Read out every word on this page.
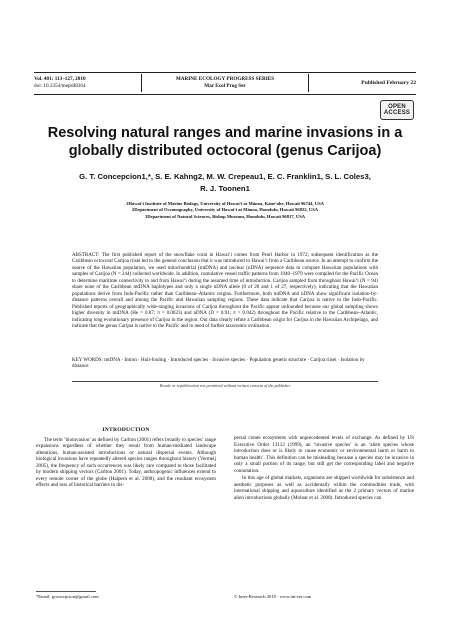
Vol. 401: 113–127, 2010
doi: 10.3354/meps08364
MARINE ECOLOGY PROGRESS SERIES
Mar Ecol Prog Ser	Published February 22
OPEN
ACCESS
Resolving natural ranges and marine invasions in a
globally distributed octocoral (genus Carijoa)
G. T. Concepcion1,*, S. E. Kahng2, M. W. Crepeau1, E. C. Franklin1, S. L. Coles3,
R. J. Toonen1
1Hawai‘i Institute of Marine Biology, University of Hawai‘i at Mānoa, Kāne‘ohe, Hawaii 96744, USA
2Department of Oceanography, University of Hawai‘i at Mānoa, Honolulu, Hawaii 96822, USA
3Department of Natural Sciences, Bishop Museum, Honolulu, Hawaii 96817, USA
ABSTRACT: The first published report of the snowflake coral in Hawai‘i comes from Pearl Harbor in 1972; subsequent identification as the Caribbean octocoral Carijoa riisei led to the general conclusion that it was introduced to Hawai‘i from a Caribbean source. In an attempt to confirm the source of the Hawaiian population, we used mitochondrial (mtDNA) and nuclear (nDNA) sequence data to compare Hawaiian populations with samples of Carijoa (N = 244) collected worldwide. In addition, cumulative vessel traffic patterns from 1940–1979 were compiled for the Pacific Ocean to determine maritime connectivity to and from Hawai‘i during the assumed time of introduction. Carijoa sampled from throughout Hawai‘i (N = 94) share none of the Caribbean mtDNA haplotypes and only a single nDNA allele (0 of 28 and 1 of 27, respectively), indicating that the Hawaiian populations derive from Indo-Pacific rather than Caribbean–Atlantic origins. Furthermore, both mtDNA and nDNA show significant isolation-by-distance patterns overall and among the Pacific and Hawaiian sampling regions. These data indicate that Carijoa is native to the Indo-Pacific. Published reports of geographically wide-ranging invasions of Carijoa throughout the Pacific appear unfounded because our global sampling shows higher diversity in mtDNA (He = 0.87; π = 0.0023) and nDNA (D = 0.91; π = 0.042) throughout the Pacific relative to the Caribbean–Atlantic, indicating long evolutionary presence of Carijoa in the region. Our data clearly refute a Caribbean origin for Carijoa in the Hawaiian Archipelago, and indicate that the genus Carijoa is native to the Pacific and in need of further taxonomic evaluation.
KEY WORDS: mtDNA · Intron · Hull-fouling · Introduced species · Invasive species · Population genetic structure · Carijoa riisei · Isolation by distance
Resale or republication not permitted without written consent of the publisher
INTRODUCTION

The term ‘bioinvasion’ as defined by Carlton (2001) refers broadly to species’ range expansions regardless of whether they result from human-mediated landscape alterations, human-assisted introductions or natural dispersal events. Although biological invasions have repeatedly altered species ranges throughout history (Vermeij 2005), the frequency of such occurrences was likely rare compared to those facilitated by modern shipping vectors (Carlton 2001). Today, anthropogenic influences extend to every remote corner of the globe (Halpern et al. 2008), and the resultant ecosystem effects and loss of historical barriers to dis-

persal create ecosystems with unprecedented levels of exchange. As defined by US Executive Order 13112 (1999), an ‘invasive species’ is an ‘alien species whose introduction does or is likely to cause economic or environmental harm or harm to human health’. This definition can be misleading because a species may be invasive in only a small portion of its range, but still get the corresponding label and negative connotation.

In this age of global markets, organisms are shipped worldwide for subsistence and aesthetic purposes as well as accidentally within the commodities trade, with international shipping and aquaculture identified as the 2 primary vectors of marine alien introductions globally (Molnar et al. 2008). Introduced species can

*Email: gconcepcion@gmail.com	© Inter-Research 2010 · www.int-res.com
